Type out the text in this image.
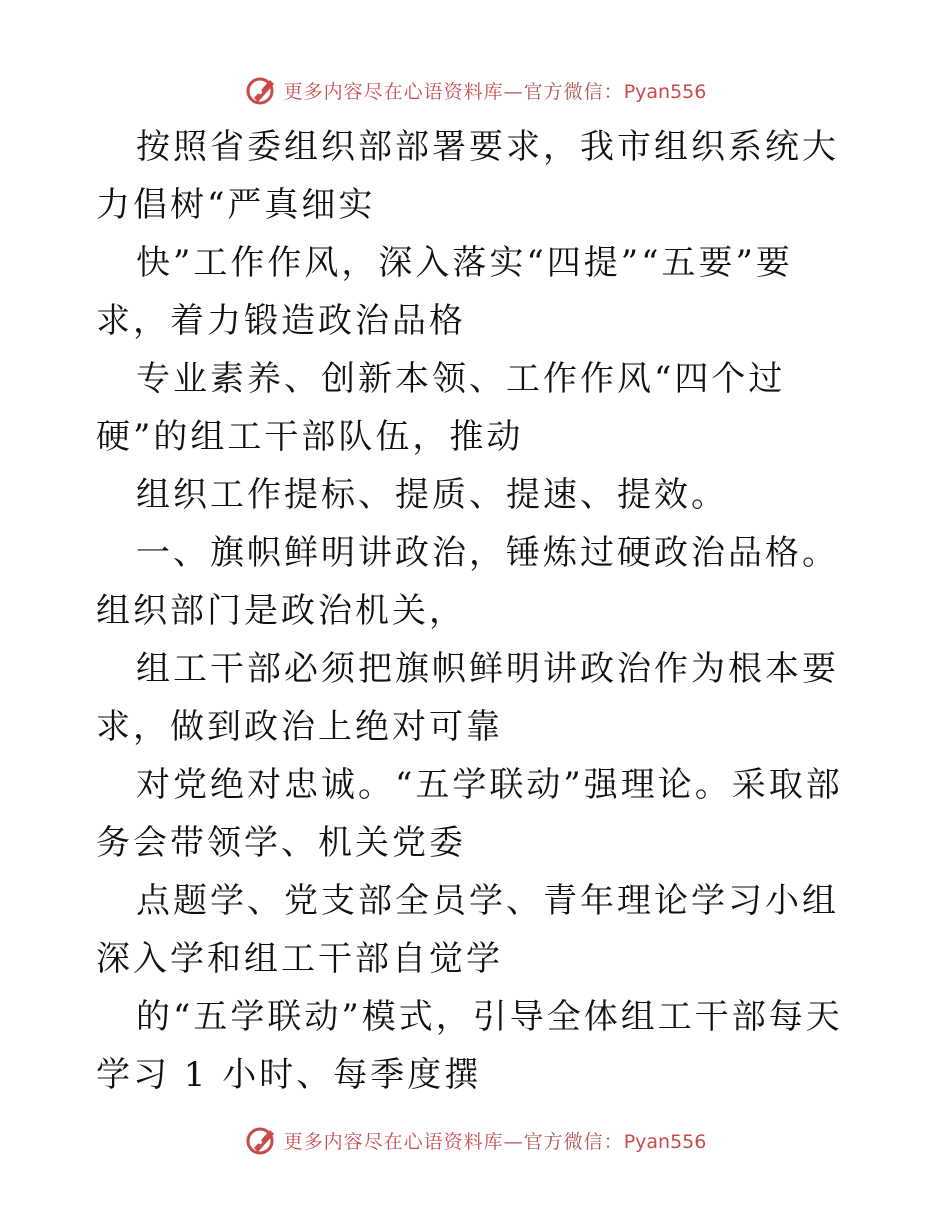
更多内容尽在心语资料库—官方微信：Pyan556

按照省委组织部部署要求，我市组织系统大力倡树“严真细实

快”工作作风，深入落实“四提”“五要”要求，着力锻造政治品格

专业素养、创新本领、工作作风“四个过硬”的组工干部队伍，推动

组织工作提标、提质、提速、提效。

一、旗帜鲜明讲政治，锤炼过硬政治品格。组织部门是政治机关，

组工干部必须把旗帜鲜明讲政治作为根本要求，做到政治上绝对可靠

对党绝对忠诚。“五学联动”强理论。采取部务会带领学、机关党委

点题学、党支部全员学、青年理论学习小组深入学和组工干部自觉学

的“五学联动”模式，引导全体组工干部每天学习 1 小时、每季度撰

更多内容尽在心语资料库—官方微信：Pyan556
